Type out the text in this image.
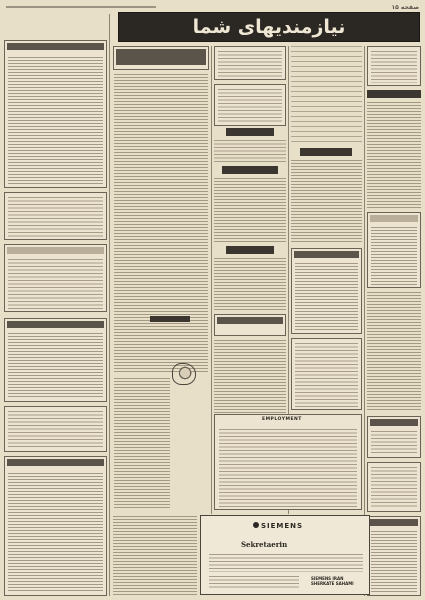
صفحه ۱۵
نیازمندیهای شما
EMPLOYMENT
SIEMENS
Sekretaerin
SIEMENS IRAN
SHERKATE SAHAMI
